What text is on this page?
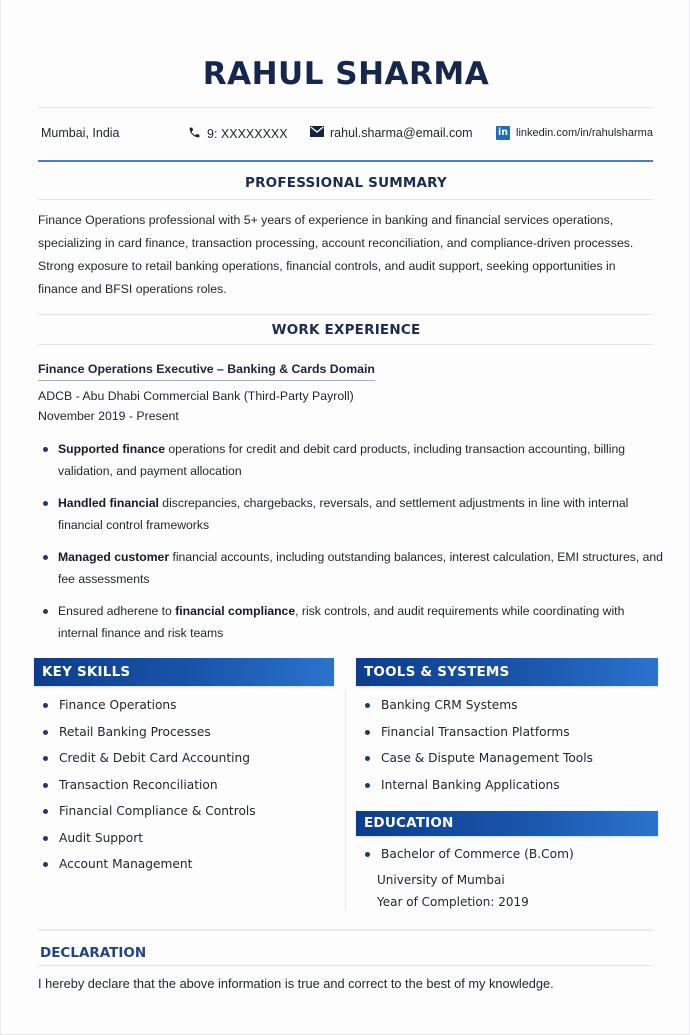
RAHUL SHARMA
Mumbai, India	9: XXXXXXXX	rahul.sharma@email.com	in linkedin.com/in/rahulsharma
PROFESSIONAL SUMMARY
Finance Operations professional with 5+ years of experience in banking and financial services operations,
specializing in card finance, transaction processing, account reconciliation, and compliance-driven processes.
Strong exposure to retail banking operations, financial controls, and audit support, seeking opportunities in
finance and BFSI operations roles.
WORK EXPERIENCE
Finance Operations Executive – Banking & Cards Domain
ADCB - Abu Dhabi Commercial Bank (Third-Party Payroll)
November 2019 - Present
Supported finance operations for credit and debit card products, including transaction accounting, billing validation, and payment allocation
Handled financial discrepancies, chargebacks, reversals, and settlement adjustments in line with internal financial control frameworks
Managed customer financial accounts, including outstanding balances, interest calculation, EMI structures, and fee assessments
Ensured adherene to financial compliance, risk controls, and audit requirements while coordinating with internal finance and risk teams
KEY SKILLS
Finance Operations
Retail Banking Processes
Credit & Debit Card Accounting
Transaction Reconciliation
Financial Compliance & Controls
Audit Support
Account Management
TOOLS & SYSTEMS
Banking CRM Systems
Financial Transaction Platforms
Case & Dispute Management Tools
Internal Banking Applications
EDUCATION
Bachelor of Commerce (B.Com)
University of Mumbai
Year of Completion: 2019
DECLARATION

I hereby declare that the above information is true and correct to the best of my knowledge.
